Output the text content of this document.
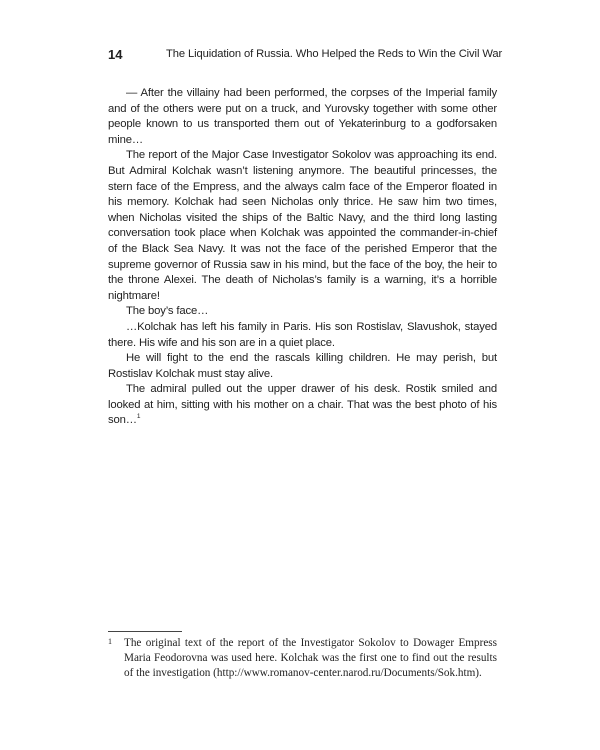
14	The Liquidation of Russia. Who Helped the Reds to Win the Civil War

— After the villainy had been performed, the corpses of the Imperial family and of the others were put on a truck, and Yurovsky together with some other people known to us transported them out of Yekaterinburg to a godforsaken mine…

The report of the Major Case Investigator Sokolov was approaching its end. But Admiral Kolchak wasn’t listening anymore. The beautiful princesses, the stern face of the Empress, and the always calm face of the Emperor floated in his memory. Kolchak had seen Nicholas only thrice. He saw him two times, when Nicholas visited the ships of the Baltic Navy, and the third long lasting conversation took place when Kolchak was appointed the commander-in-chief of the Black Sea Navy. It was not the face of the perished Emperor that the supreme governor of Russia saw in his mind, but the face of the boy, the heir to the throne Alexei. The death of Nicholas’s family is a warning, it’s a horrible nightmare!

The boy’s face…

…Kolchak has left his family in Paris. His son Rostislav, Slavushok, stayed there. His wife and his son are in a quiet place.

He will fight to the end the rascals killing children. He may perish, but Rostislav Kolchak must stay alive.

The admiral pulled out the upper drawer of his desk. Rostik smiled and looked at him, sitting with his mother on a chair. That was the best photo of his son…$^1$

1 The original text of the report of the Investigator Sokolov to Dowager Empress Maria Feodorovna was used here. Kolchak was the first one to find out the results of the investigation (http://www.romanov-center.narod.ru/Documents/Sok.htm).
